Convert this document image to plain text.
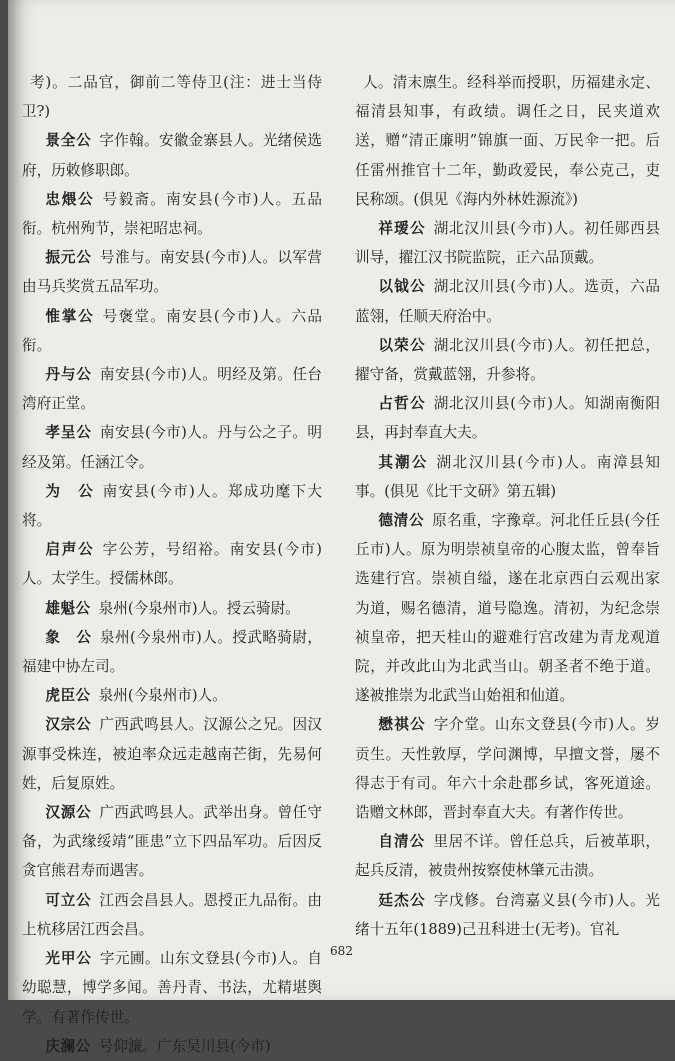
考)。二品官，御前二等侍卫(注：进士当侍卫?)

景全公 字作翰。安徽金寨县人。光绪侯选府，历敕修职郎。

忠煨公 号毅斋。南安县(今市)人。五品衔。杭州殉节，崇祀昭忠祠。

振元公 号淮与。南安县(今市)人。以军营由马兵奖赏五品军功。

惟掌公 号褒堂。南安县(今市)人。六品衔。

丹与公 南安县(今市)人。明经及第。任台湾府正堂。

孝呈公 南安县(今市)人。丹与公之子。明经及第。任涵江令。

为　公 南安县(今市)人。郑成功麾下大将。

启声公 字公芳，号绍裕。南安县(今市)人。太学生。授儒林郎。

雄魁公 泉州(今泉州市)人。授云骑尉。

象　公 泉州(今泉州市)人。授武略骑尉，福建中协左司。

虎臣公 泉州(今泉州市)人。

汉宗公 广西武鸣县人。汉源公之兄。因汉源事受株连，被迫率众远走越南芒街，先易何姓，后复原姓。

汉源公 广西武鸣县人。武举出身。曾任守备，为武缘绥靖“匪患”立下四品军功。后因反贪官熊君寿而遇害。

可立公 江西会昌县人。恩授正九品衔。由上杭移居江西会昌。

光甲公 字元圃。山东文登县(今市)人。自幼聪慧，博学多闻。善丹青、书法，尤精堪舆学。有著作传世。

庆澜公 号仰濂。广东吴川县(今市)

人。清末廪生。经科举而授职，历福建永定、福清县知事，有政绩。调任之日，民夹道欢送，赠“清正廉明”锦旗一面、万民伞一把。后任雷州推官十二年，勤政爱民，奉公克己，吏民称颂。(俱见《海内外林姓源流》)

祥瑷公 湖北汉川县(今市)人。初任郧西县训导，擢江汉书院监院，正六品顶戴。

以钺公 湖北汉川县(今市)人。选贡，六品蓝翎，任顺天府治中。

以荣公 湖北汉川县(今市)人。初任把总，擢守备，赏戴蓝翎，升参将。

占哲公 湖北汉川县(今市)人。知湖南衡阳县，再封奉直大夫。

其潮公 湖北汉川县(今市)人。南漳县知事。(俱见《比干文研》第五辑)

德清公 原名重，字豫章。河北任丘县(今任丘市)人。原为明崇祯皇帝的心腹太监，曾奉旨选建行宫。崇祯自缢，遂在北京西白云观出家为道，赐名德清，道号隐逸。清初，为纪念崇祯皇帝，把天桂山的避难行宫改建为青龙观道院，并改此山为北武当山。朝圣者不绝于道。遂被推崇为北武当山始祖和仙道。

懋祺公 字介堂。山东文登县(今市)人。岁贡生。天性敦厚，学问渊博，早擅文誉，屡不得志于有司。年六十余赴郡乡试，客死道途。诰赠文林郎，晋封奉直大夫。有著作传世。

自清公 里居不详。曾任总兵，后被革职，起兵反清，被贵州按察使林肇元击溃。

廷杰公 字戊修。台湾嘉义县(今市)人。光绪十五年(1889)己丑科进士(无考)。官礼

682
